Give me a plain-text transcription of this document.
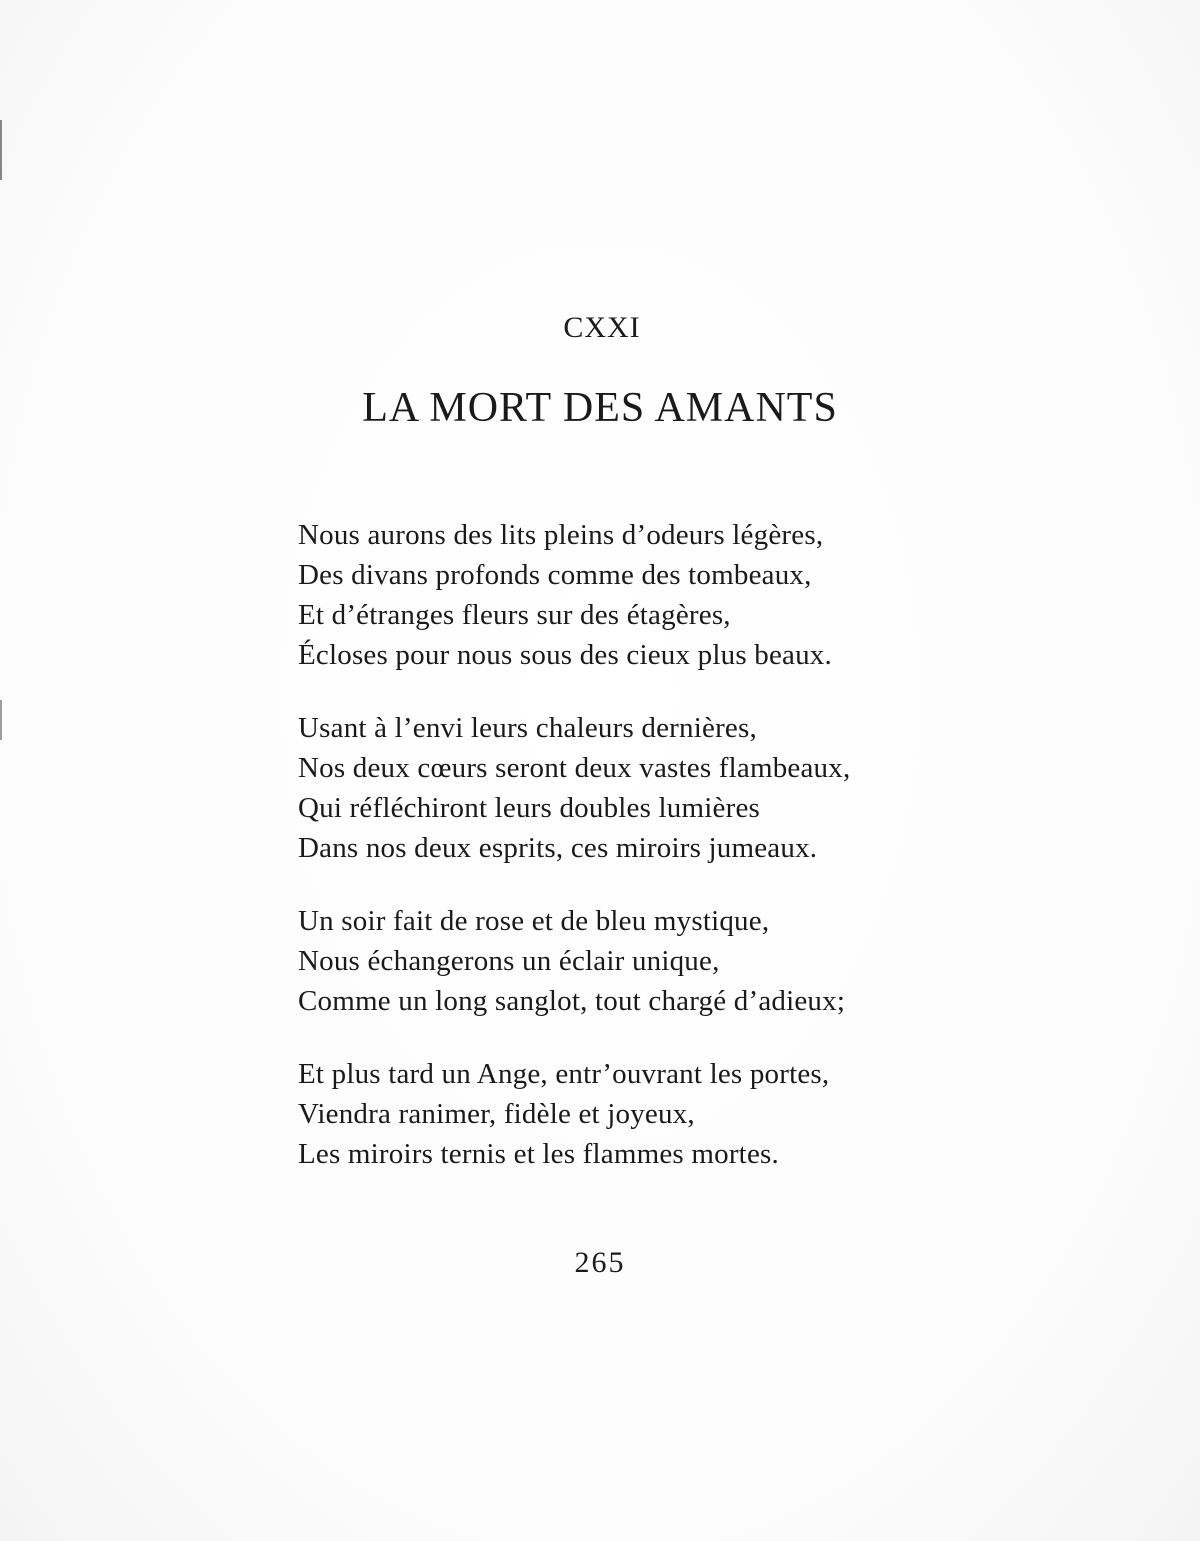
CXXI
LA MORT DES AMANTS
Nous aurons des lits pleins d’odeurs légères,
Des divans profonds comme des tombeaux,
Et d’étranges fleurs sur des étagères,
Écloses pour nous sous des cieux plus beaux.
Usant à l’envi leurs chaleurs dernières,
Nos deux cœurs seront deux vastes flambeaux,
Qui réfléchiront leurs doubles lumières
Dans nos deux esprits, ces miroirs jumeaux.
Un soir fait de rose et de bleu mystique,
Nous échangerons un éclair unique,
Comme un long sanglot, tout chargé d’adieux;
Et plus tard un Ange, entr’ouvrant les portes,
Viendra ranimer, fidèle et joyeux,
Les miroirs ternis et les flammes mortes.
265
